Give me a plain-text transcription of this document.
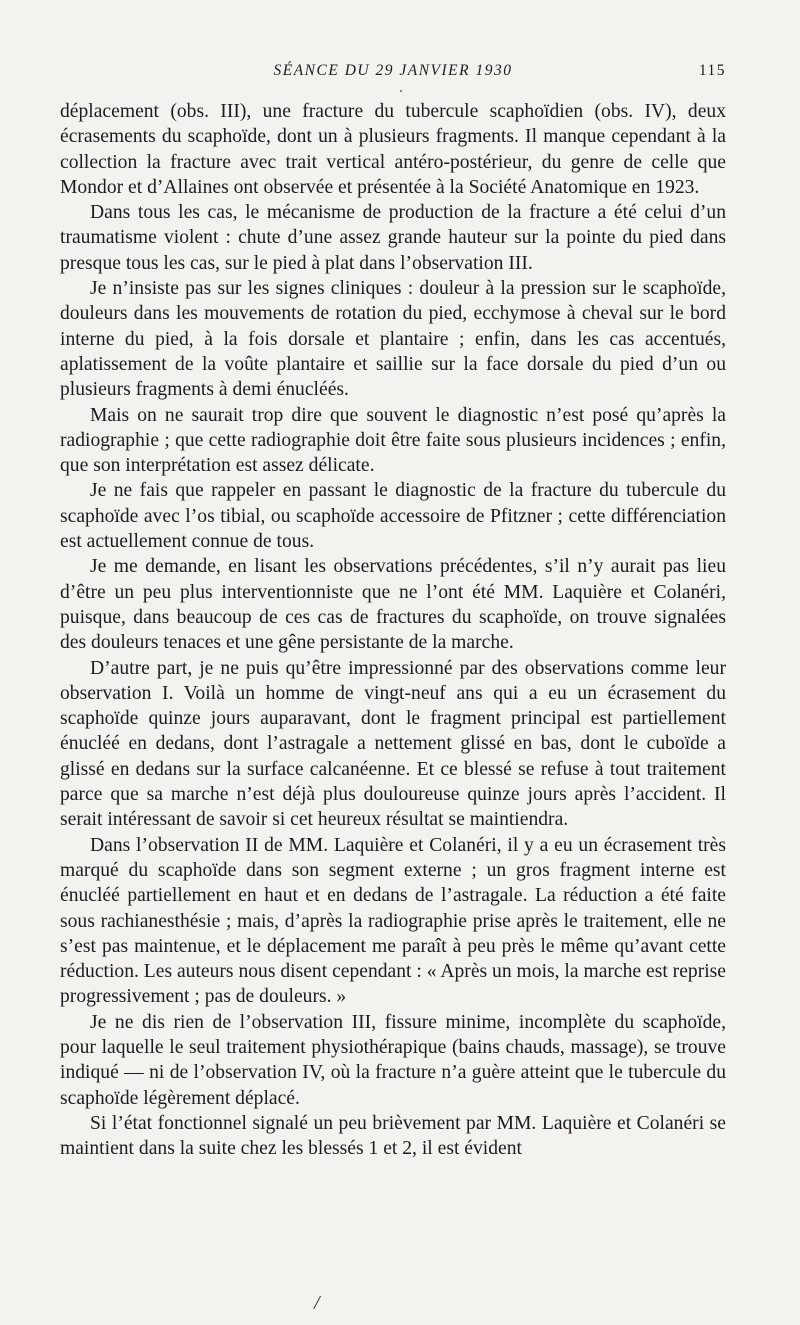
SÉANCE DU 29 JANVIER 1930	115

déplacement (obs. III), une fracture du tubercule scaphoïdien (obs. IV), deux écrasements du scaphoïde, dont un à plusieurs fragments. Il manque cependant à la collection la fracture avec trait vertical antéro-postérieur, du genre de celle que Mondor et d’Allaines ont observée et présentée à la Société Anatomique en 1923.

Dans tous les cas, le mécanisme de production de la fracture a été celui d’un traumatisme violent : chute d’une assez grande hauteur sur la pointe du pied dans presque tous les cas, sur le pied à plat dans l’observation III.

Je n’insiste pas sur les signes cliniques : douleur à la pression sur le scaphoïde, douleurs dans les mouvements de rotation du pied, ecchymose à cheval sur le bord interne du pied, à la fois dorsale et plantaire ; enfin, dans les cas accentués, aplatissement de la voûte plantaire et saillie sur la face dorsale du pied d’un ou plusieurs fragments à demi énucléés.

Mais on ne saurait trop dire que souvent le diagnostic n’est posé qu’après la radiographie ; que cette radiographie doit être faite sous plusieurs incidences ; enfin, que son interprétation est assez délicate.

Je ne fais que rappeler en passant le diagnostic de la fracture du tubercule du scaphoïde avec l’os tibial, ou scaphoïde accessoire de Pfitzner ; cette différenciation est actuellement connue de tous.

Je me demande, en lisant les observations précédentes, s’il n’y aurait pas lieu d’être un peu plus interventionniste que ne l’ont été MM. Laquière et Colanéri, puisque, dans beaucoup de ces cas de fractures du scaphoïde, on trouve signalées des douleurs tenaces et une gêne persistante de la marche.

D’autre part, je ne puis qu’être impressionné par des observations comme leur observation I. Voilà un homme de vingt-neuf ans qui a eu un écrasement du scaphoïde quinze jours auparavant, dont le fragment principal est partiellement énucléé en dedans, dont l’astragale a nettement glissé en bas, dont le cuboïde a glissé en dedans sur la surface calcanéenne. Et ce blessé se refuse à tout traitement parce que sa marche n’est déjà plus douloureuse quinze jours après l’accident. Il serait intéressant de savoir si cet heureux résultat se maintiendra.

Dans l’observation II de MM. Laquière et Colanéri, il y a eu un écrasement très marqué du scaphoïde dans son segment externe ; un gros fragment interne est énucléé partiellement en haut et en dedans de l’astragale. La réduction a été faite sous rachianesthésie ; mais, d’après la radiographie prise après le traitement, elle ne s’est pas maintenue, et le déplacement me paraît à peu près le même qu’avant cette réduction. Les auteurs nous disent cependant : « Après un mois, la marche est reprise progressivement ; pas de douleurs. »

Je ne dis rien de l’observation III, fissure minime, incomplète du scaphoïde, pour laquelle le seul traitement physiothérapique (bains chauds, massage), se trouve indiqué — ni de l’observation IV, où la fracture n’a guère atteint que le tubercule du scaphoïde légèrement déplacé.

Si l’état fonctionnel signalé un peu brièvement par MM. Laquière et Colanéri se maintient dans la suite chez les blessés 1 et 2, il est évident

/
